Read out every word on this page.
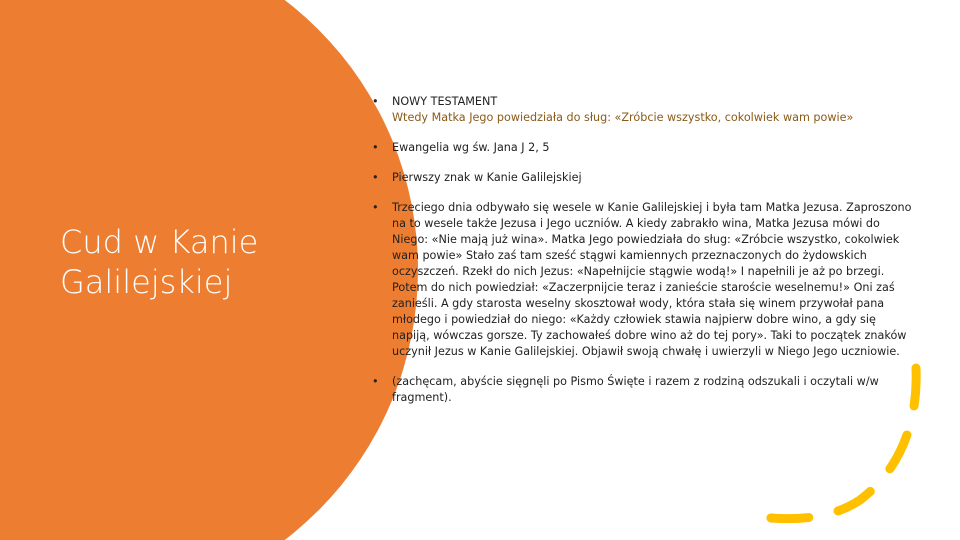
Cud w Kanie
Galilejskiej
• NOWY TESTAMENT
Wtedy Matka Jego powiedziała do sług: «Zróbcie wszystko, cokolwiek wam powie»
• Ewangelia wg św. Jana J 2, 5
• Pierwszy znak w Kanie Galilejskiej
• Trzeciego dnia odbywało się wesele w Kanie Galilejskiej i była tam Matka Jezusa. Zaproszono na to wesele także Jezusa i Jego uczniów. A kiedy zabrakło wina, Matka Jezusa mówi do Niego: «Nie mają już wina». Matka Jego powiedziała do sług: «Zróbcie wszystko, cokolwiek wam powie» Stało zaś tam sześć stągwi kamiennych przeznaczonych do żydowskich oczyszczeń. Rzekł do nich Jezus: «Napełnijcie stągwie wodą!» I napełnili je aż po brzegi. Potem do nich powiedział: «Zaczerpnijcie teraz i zanieście staroście weselnemu!» Oni zaś zanieśli. A gdy starosta weselny skosztował wody, która stała się winem przywołał pana młodego i powiedział do niego: «Każdy człowiek stawia najpierw dobre wino, a gdy się napiją, wówczas gorsze. Ty zachowałeś dobre wino aż do tej pory». Taki to początek znaków uczynił Jezus w Kanie Galilejskiej. Objawił swoją chwałę i uwierzyli w Niego Jego uczniowie.
• (zachęcam, abyście sięgnęli po Pismo Święte i razem z rodziną odszukali i oczytali w/w fragment).
